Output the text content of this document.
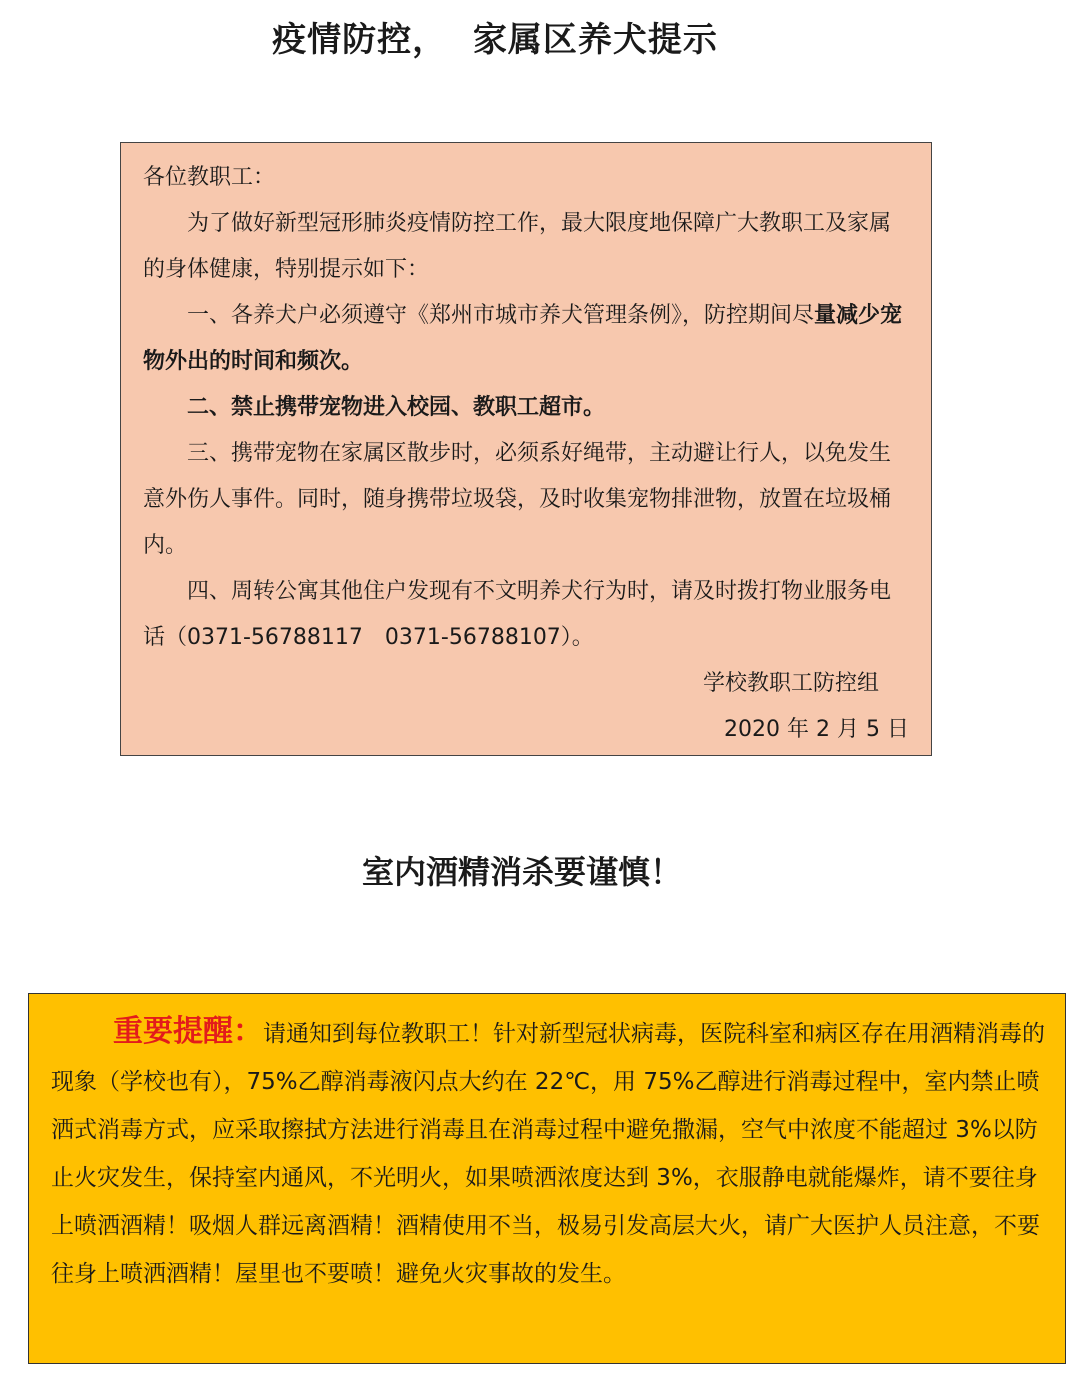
疫情防控，  家属区养犬提示

各位教职工：

为了做好新型冠形肺炎疫情防控工作，最大限度地保障广大教职工及家属的身体健康，特别提示如下：

一、各养犬户必须遵守《郑州市城市养犬管理条例》，防控期间尽量减少宠物外出的时间和频次。

二、禁止携带宠物进入校园、教职工超市。

三、携带宠物在家属区散步时，必须系好绳带，主动避让行人，以免发生意外伤人事件。同时，随身携带垃圾袋，及时收集宠物排泄物，放置在垃圾桶内。

四、周转公寓其他住户发现有不文明养犬行为时，请及时拨打物业服务电话（0371-56788117　0371-56788107）。

学校教职工防控组

2020 年 2 月 5 日

室内酒精消杀要谨慎！
重要提醒：请通知到每位教职工！针对新型冠状病毒，医院科室和病区存在用酒精消毒的现象（学校也有），75%乙醇消毒液闪点大约在 22℃，用 75%乙醇进行消毒过程中，室内禁止喷洒式消毒方式，应采取擦拭方法进行消毒且在消毒过程中避免撒漏，空气中浓度不能超过 3%以防止火灾发生，保持室内通风，不光明火，如果喷洒浓度达到 3%，衣服静电就能爆炸，请不要往身上喷洒酒精！吸烟人群远离酒精！酒精使用不当，极易引发高层大火，请广大医护人员注意，不要往身上喷洒酒精！屋里也不要喷！避免火灾事故的发生。
